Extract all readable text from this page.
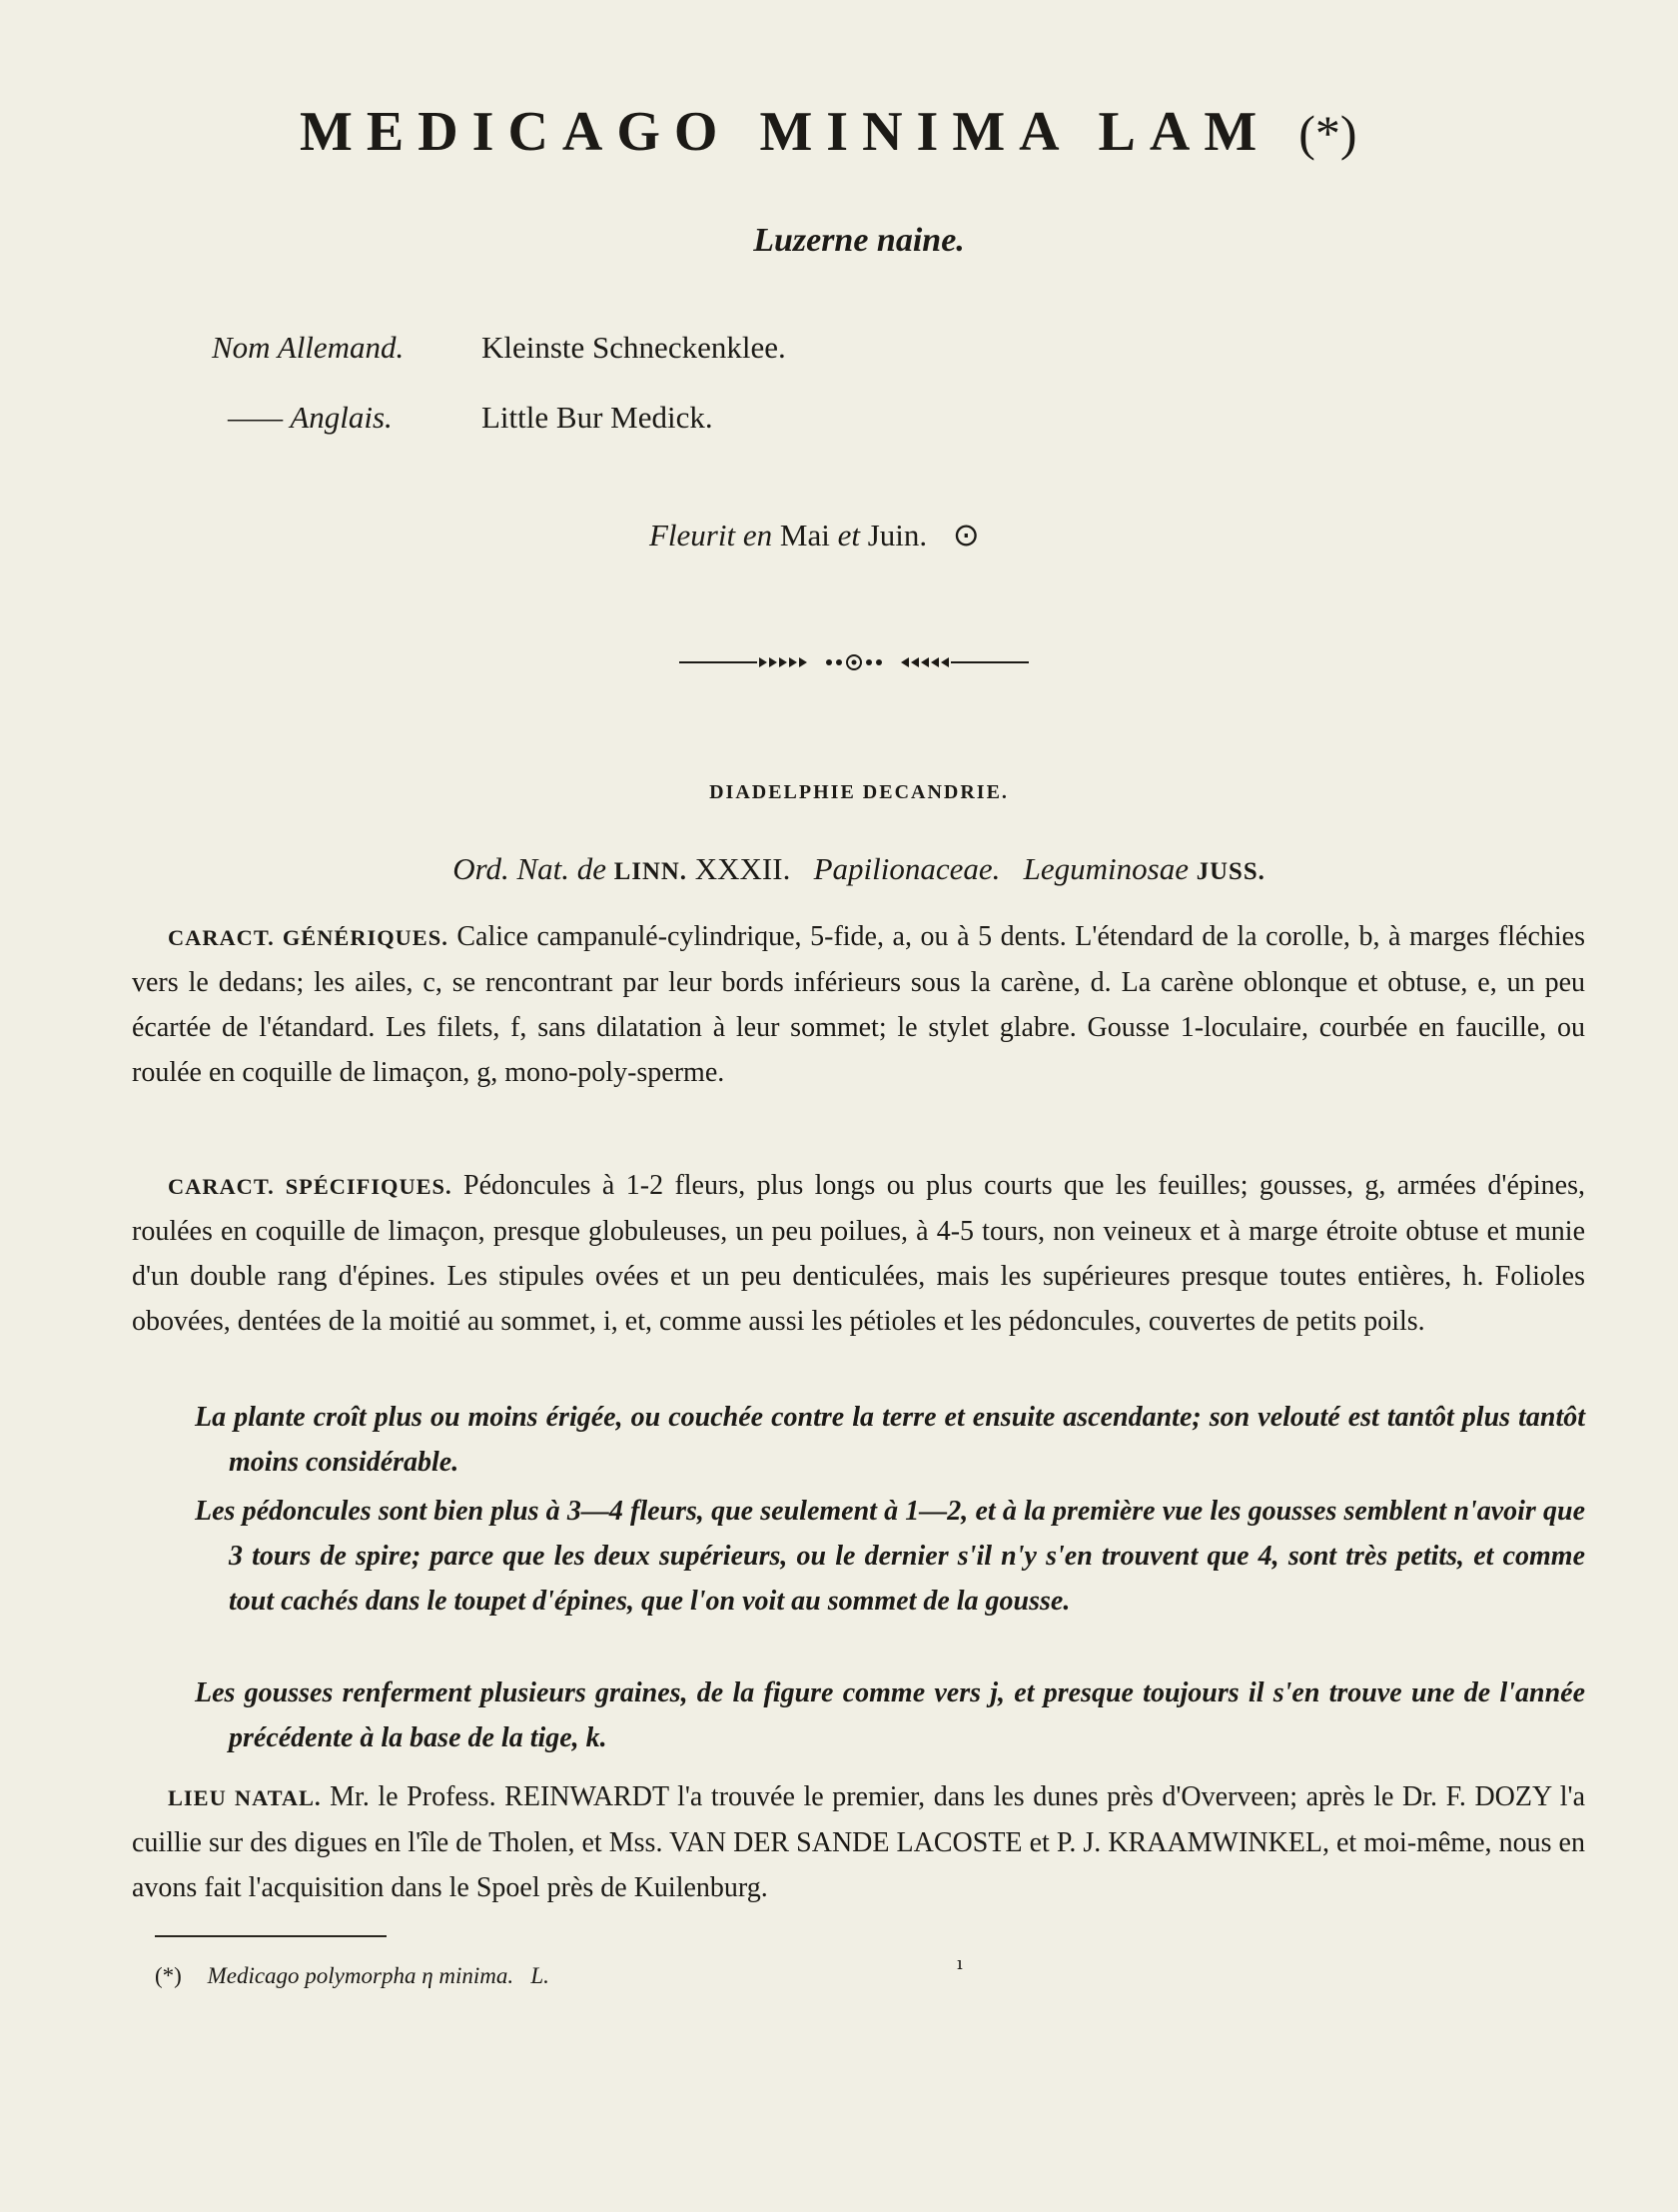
MEDICAGO MINIMA LAM (*)
Luzerne naine.
Nom Allemand.	Kleinste Schneckenklee.
—— Anglais.	Little Bur Medick.
Fleurit en Mai et Juin. ⊙
DIADELPHIE DECANDRIE.
Ord. Nat. de LINN. XXXII. Papilionaceae. Leguminosae JUSS.
CARACT. GÉNÉRIQUES. Calice campanulé-cylindrique, 5-fide, a, ou à 5 dents. L'étendard de la corolle, b, à marges fléchies vers le dedans; les ailes, c, se rencontrant par leur bords inférieurs sous la carène, d. La carène oblonque et obtuse, e, un peu écartée de l'étandard. Les filets, f, sans dilatation à leur sommet; le stylet glabre. Gousse 1-loculaire, courbée en faucille, ou roulée en coquille de limaçon, g, mono-poly-sperme.
CARACT. SPÉCIFIQUES. Pédoncules à 1-2 fleurs, plus longs ou plus courts que les feuilles; gousses, g, armées d'épines, roulées en coquille de limaçon, presque globuleuses, un peu poilues, à 4-5 tours, non veineux et à marge étroite obtuse et munie d'un double rang d'épines. Les stipules ovées et un peu denticulées, mais les supérieures presque toutes entières, h. Folioles obovées, dentées de la moitié au sommet, i, et, comme aussi les pétioles et les pédoncules, couvertes de petits poils.
La plante croît plus ou moins érigée, ou couchée contre la terre et ensuite ascendante; son velouté est tantôt plus tantôt moins considérable.
Les pédoncules sont bien plus à 3—4 fleurs, que seulement à 1—2, et à la première vue les gousses semblent n'avoir que 3 tours de spire; parce que les deux supérieurs, ou le dernier s'il n'y s'en trouvent que 4, sont très petits, et comme tout cachés dans le toupet d'épines, que l'on voit au sommet de la gousse.
Les gousses renferment plusieurs graines, de la figure comme vers j, et presque toujours il s'en trouve une de l'année précédente à la base de la tige, k.
LIEU NATAL. Mr. le Profess. REINWARDT l'a trouvée le premier, dans les dunes près d'Overveen; après le Dr. F. DOZY l'a cuillie sur des digues en l'île de Tholen, et Mss. VAN DER SANDE LACOSTE et P. J. KRAAMWINKEL, et moi-même, nous en avons fait l'acquisition dans le Spoel près de Kuilenburg.
(*) Medicago polymorpha η minima. L.	ı
